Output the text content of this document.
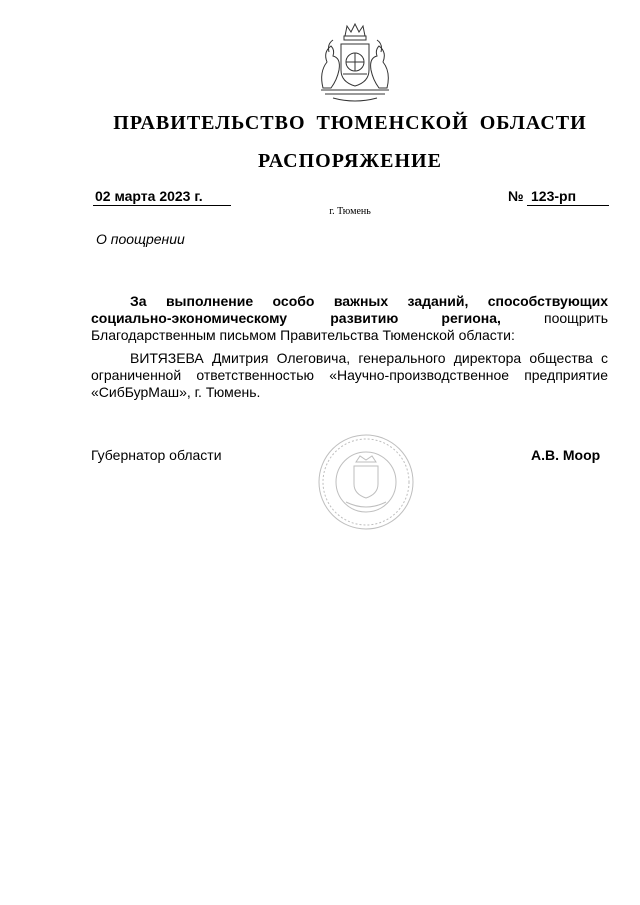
ПРАВИТЕЛЬСТВО ТЮМЕНСКОЙ ОБЛАСТИ
РАСПОРЯЖЕНИЕ
02 марта 2023 г.	№ 123-рп
г. Тюмень
О поощрении
За выполнение особо важных заданий, способствующих социально-экономическому развитию региона, поощрить Благодарственным письмом Правительства Тюменской области:
ВИТЯЗЕВА Дмитрия Олеговича, генерального директора общества с ограниченной ответственностью «Научно-производственное предприятие «СибБурМаш», г. Тюмень.
Губернатор области	А.В. Моор
